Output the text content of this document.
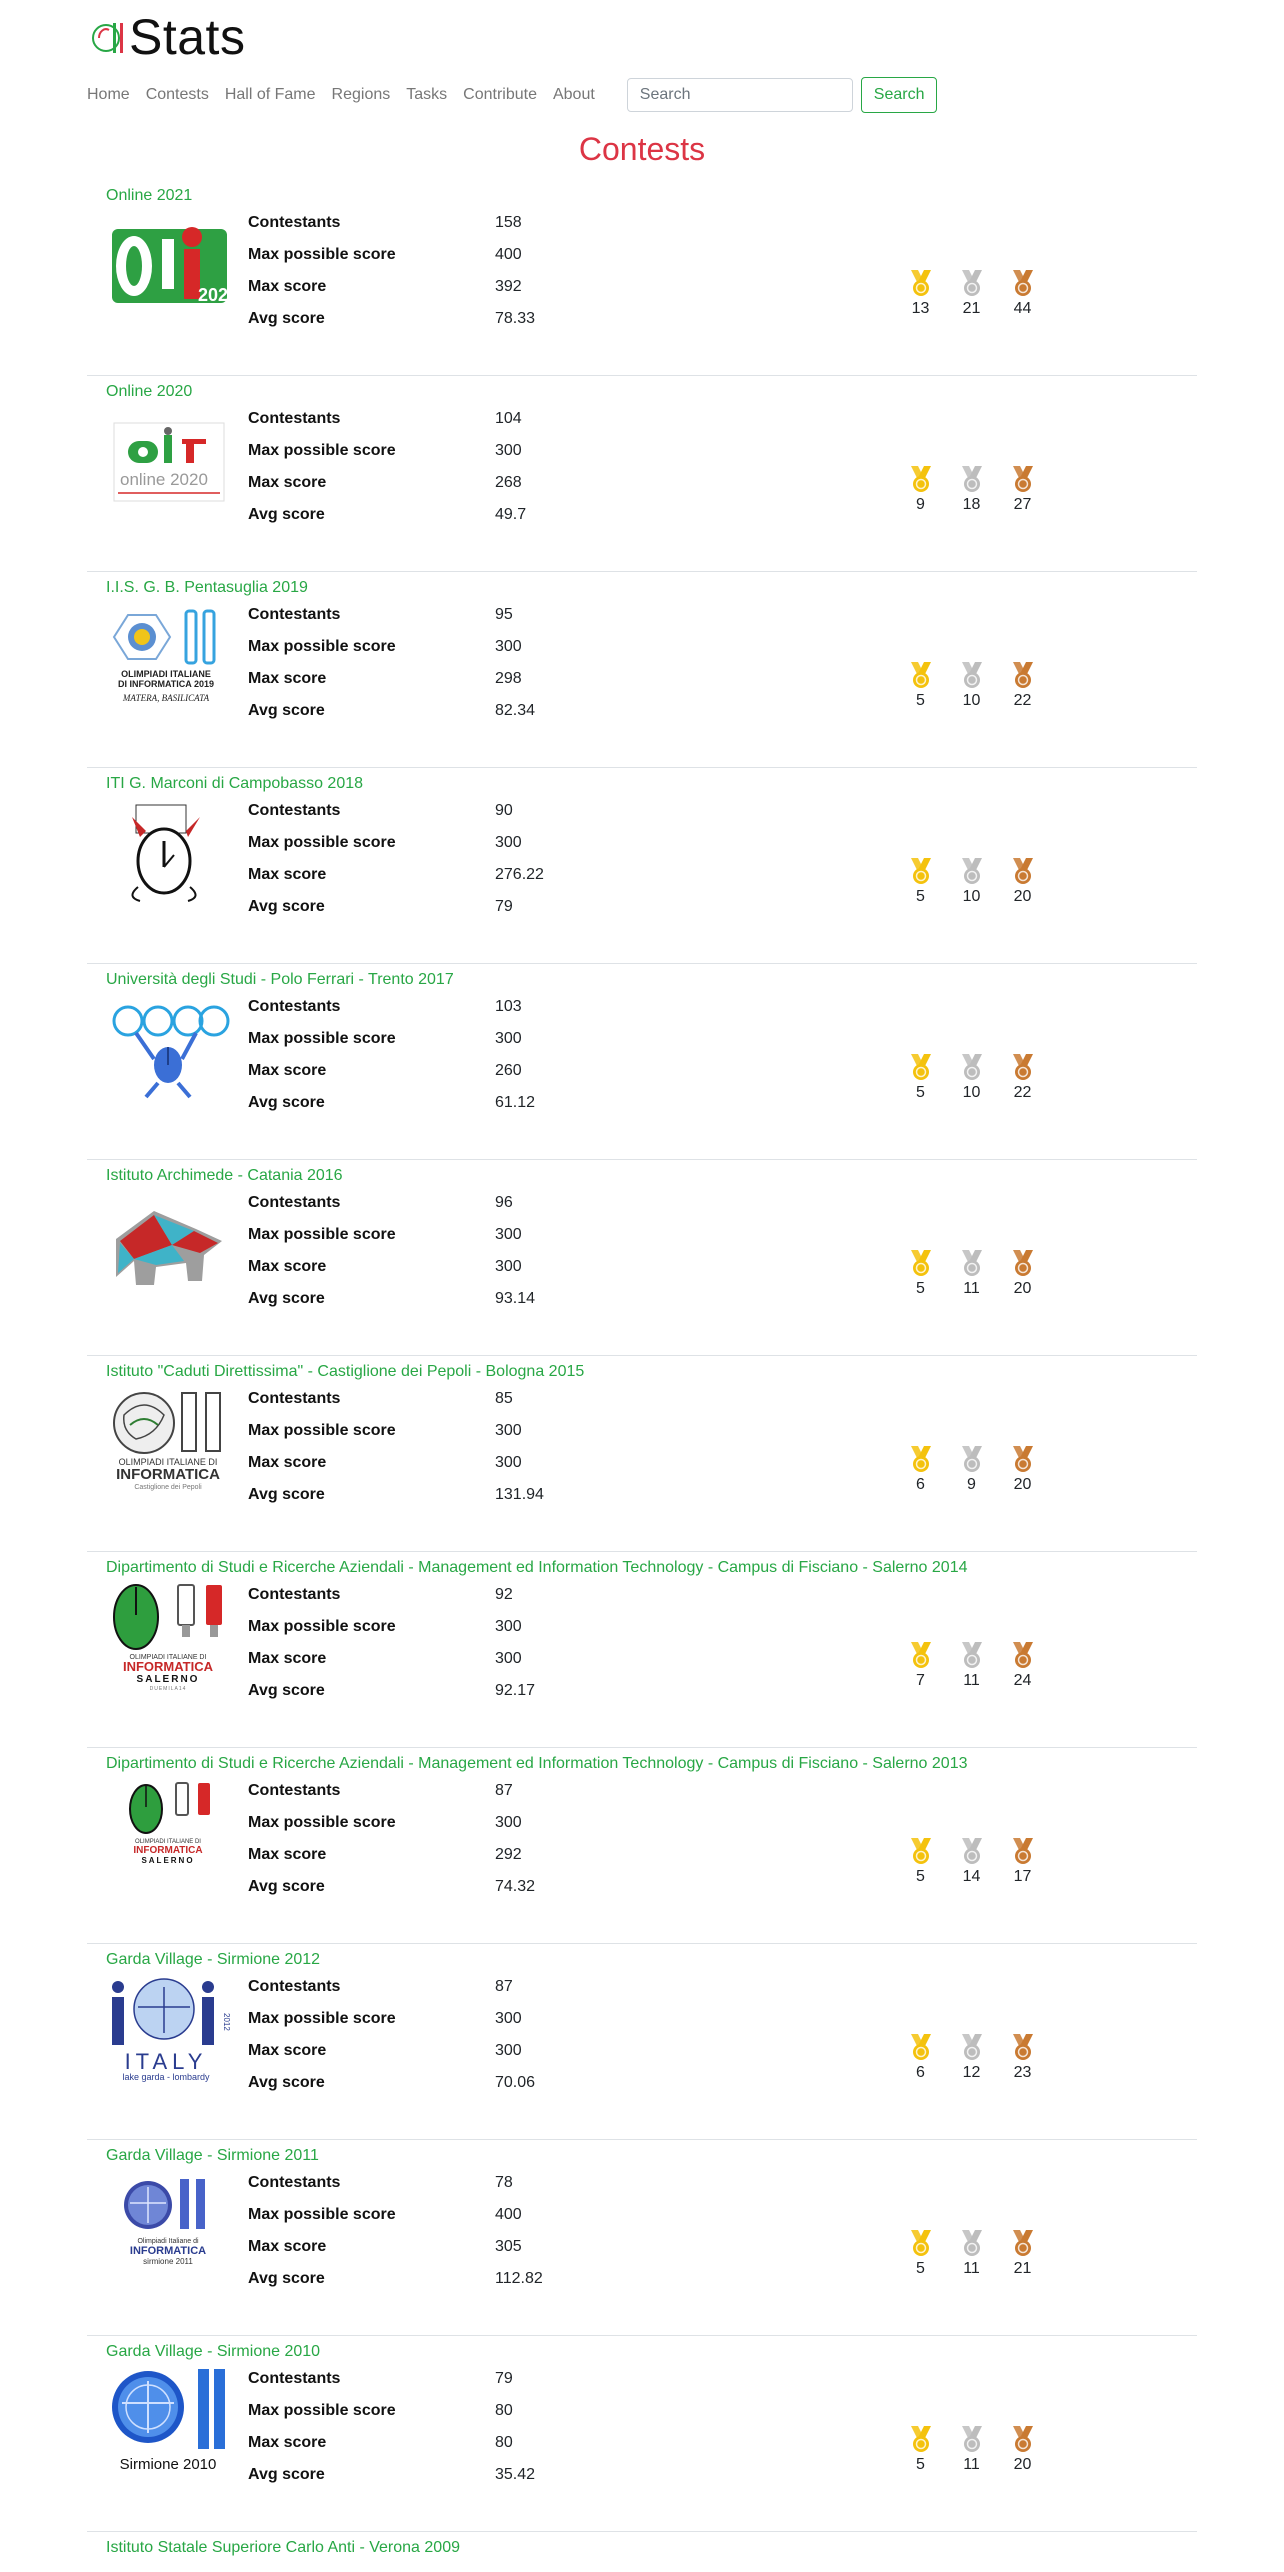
Stats
Home	Contests	Hall of Fame	Regions	Tasks	Contribute	About
Search	Search
Contests
Online 2021
2021
Contestants	158
Max possible score	400
Max score	392
Avg score	78.33
13 21 44
Online 2020
online 2020
Contestants	104
Max possible score	300
Max score	268
Avg score	49.7
9 18 27
I.I.S. G. B. Pentasuglia 2019
OLIMPIADI ITALIANE
DI INFORMATICA 2019
MATERA, BASILICATA
Contestants	95
Max possible score	300
Max score	298
Avg score	82.34
5 10 22
ITI G. Marconi di Campobasso 2018
Contestants	90
Max possible score	300
Max score	276.22
Avg score	79
5 10 20
Università degli Studi - Polo Ferrari - Trento 2017
Contestants	103
Max possible score	300
Max score	260
Avg score	61.12
5 10 22
Istituto Archimede - Catania 2016
Contestants	96
Max possible score	300
Max score	300
Avg score	93.14
5 11 20
Istituto "Caduti Direttissima" - Castiglione dei Pepoli - Bologna 2015
OLIMPIADI ITALIANE DI
INFORMATICA
Castiglione dei Pepoli
Contestants	85
Max possible score	300
Max score	300
Avg score	131.94
6	9 20
Dipartimento di Studi e Ricerche Aziendali - Management ed Information Technology - Campus di Fisciano - Salerno 2014
OLIMPIADI ITALIANE DI
INFORMATICA
SALERNO
DUEMILA14
Contestants	92
Max possible score	300
Max score	300
Avg score	92.17
7 11 24
Dipartimento di Studi e Ricerche Aziendali - Management ed Information Technology - Campus di Fisciano - Salerno 2013
OLIMPIADI ITALIANE DI
INFORMATICA
SALERNO
Contestants	87
Max possible score	300
Max score	292
Avg score	74.32
5 14 17
Garda Village - Sirmione 2012
2012
ITALY
lake garda - lombardy
Contestants	87
Max possible score	300
Max score	300
Avg score	70.06
6 12 23
Garda Village - Sirmione 2011
Olimpiadi Italiane di
INFORMATICA
sirmione 2011
Contestants	78
Max possible score	400
Max score	305
Avg score	112.82
5 11 21
Garda Village - Sirmione 2010
Sirmione 2010
Contestants	79
Max possible score	80
Max score	80
Avg score	35.42
5 11 20
Istituto Statale Superiore Carlo Anti - Verona 2009
